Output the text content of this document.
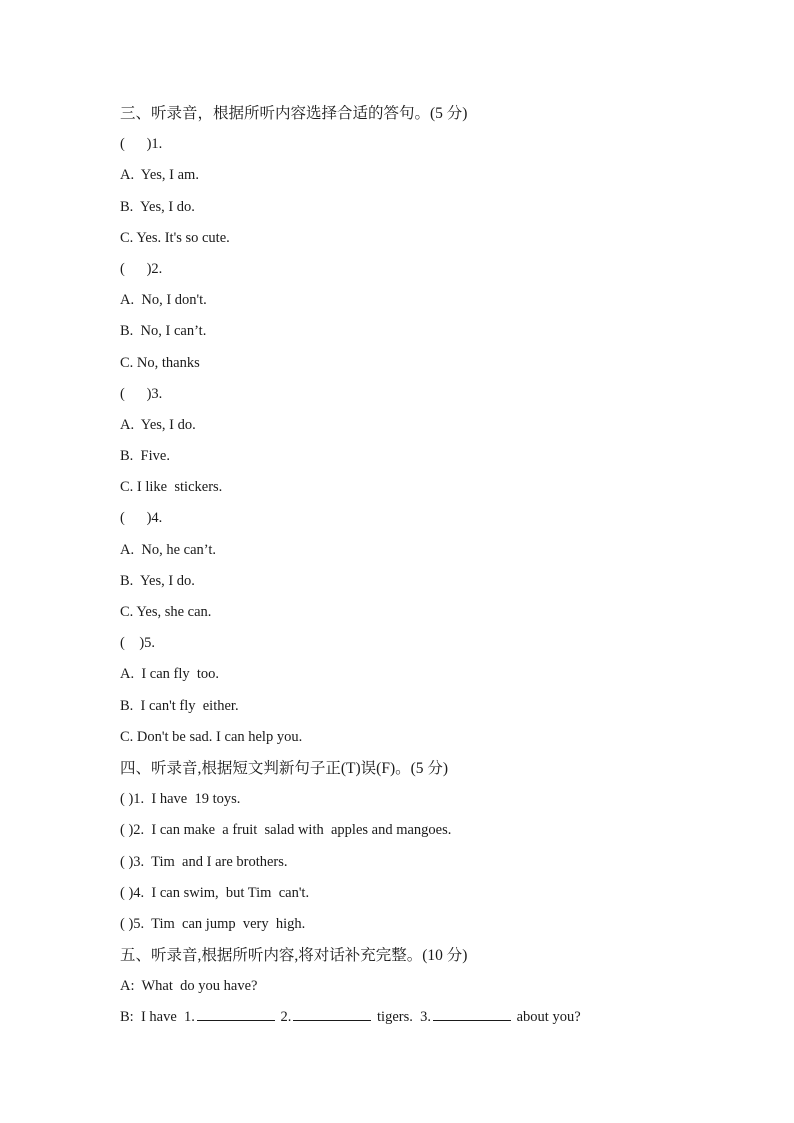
三、听录音，根据所听内容选择合适的答句。(5 分)
(      )1.
A.  Yes, I am.
B.  Yes, I do.
C. Yes. It's so cute.
(      )2.
A.  No, I don't.
B.  No, I can’t.
C. No, thanks
(      )3.
A.  Yes, I do.
B.  Five.
C. I like  stickers.
(      )4.
A.  No, he can’t.
B.  Yes, I do.
C. Yes, she can.
(    )5.
A.  I can fly  too.
B.  I can't fly  either.
C. Don't be sad. I can help you.
四、听录音,根据短文判新句子正(T)误(F)。(5 分)
( )1.  I have  19 toys.
( )2.  I can make  a fruit  salad with  apples and mangoes.
( )3.  Tim  and I are brothers.
( )4.  I can swim,  but Tim  can't.
( )5.  Tim  can jump  very  high.
五、听录音,根据所听内容,将对话补充完整。(10 分)
A:  What  do you have?
B:  I have  1.	2.	tigers.  3.	about you?
